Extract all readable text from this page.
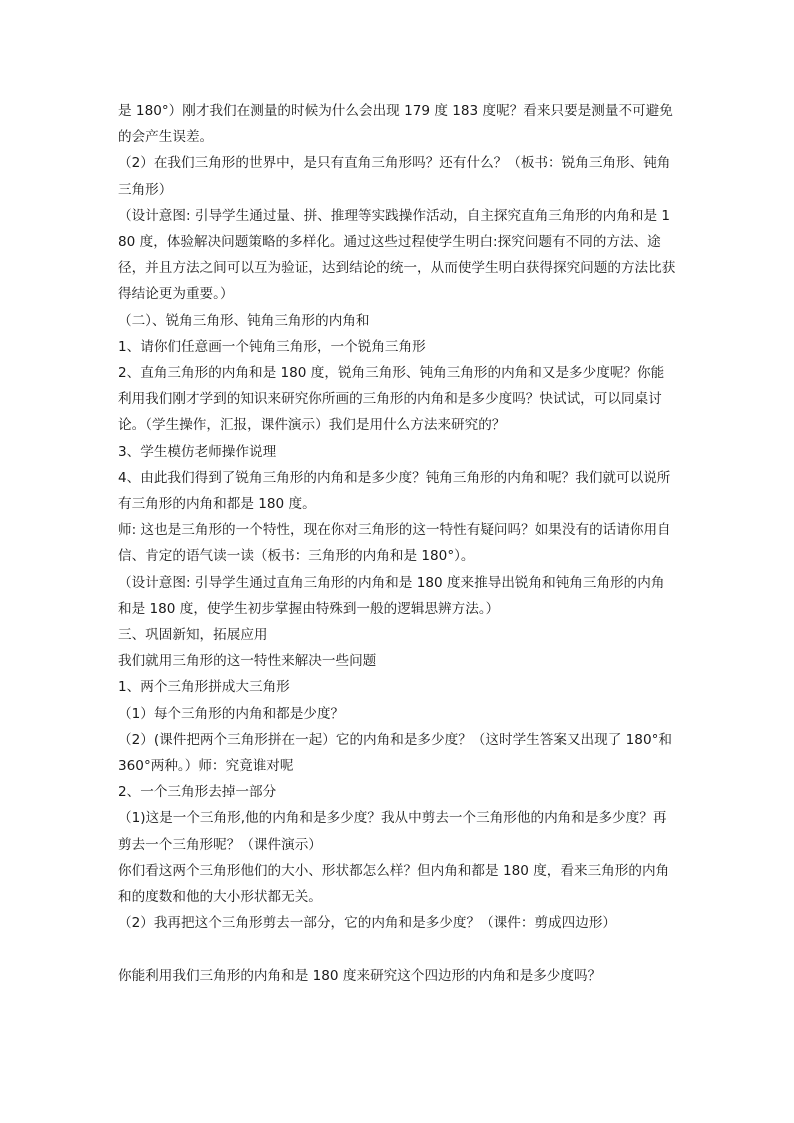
是 180°）刚才我们在测量的时候为什么会出现 179 度 183 度呢？看来只要是测量不可避免的会产生误差。

（2）在我们三角形的世界中，是只有直角三角形吗？还有什么？（板书：锐角三角形、钝角三角形）

（设计意图: 引导学生通过量、拼、推理等实践操作活动，自主探究直角三角形的内角和是 180 度，体验解决问题策略的多样化。通过这些过程使学生明白:探究问题有不同的方法、途径，并且方法之间可以互为验证，达到结论的统一，从而使学生明白获得探究问题的方法比获得结论更为重要。）

（二）、锐角三角形、钝角三角形的内角和

1、请你们任意画一个钝角三角形，一个锐角三角形

2、直角三角形的内角和是 180 度，锐角三角形、钝角三角形的内角和又是多少度呢？你能利用我们刚才学到的知识来研究你所画的三角形的内角和是多少度吗？快试试，可以同桌讨论。（学生操作，汇报，课件演示）我们是用什么方法来研究的？

3、学生模仿老师操作说理

4、由此我们得到了锐角三角形的内角和是多少度？钝角三角形的内角和呢？我们就可以说所有三角形的内角和都是 180 度。

师: 这也是三角形的一个特性，现在你对三角形的这一特性有疑问吗？如果没有的话请你用自信、肯定的语气读一读（板书：三角形的内角和是 180°）。

（设计意图: 引导学生通过直角三角形的内角和是 180 度来推导出锐角和钝角三角形的内角和是 180 度，使学生初步掌握由特殊到一般的逻辑思辨方法。）

三、巩固新知，拓展应用

我们就用三角形的这一特性来解决一些问题

1、两个三角形拼成大三角形

（1）每个三角形的内角和都是少度？

（2）(课件把两个三角形拼在一起）它的内角和是多少度？（这时学生答案又出现了 180°和 360°两种。）师：究竟谁对呢

2、一个三角形去掉一部分

（1)这是一个三角形,他的内角和是多少度？我从中剪去一个三角形他的内角和是多少度？再剪去一个三角形呢？（课件演示）

你们看这两个三角形他们的大小、形状都怎么样？但内角和都是 180 度，看来三角形的内角和的度数和他的大小形状都无关。

（2）我再把这个三角形剪去一部分，它的内角和是多少度？（课件：剪成四边形）

你能利用我们三角形的内角和是 180 度来研究这个四边形的内角和是多少度吗？
